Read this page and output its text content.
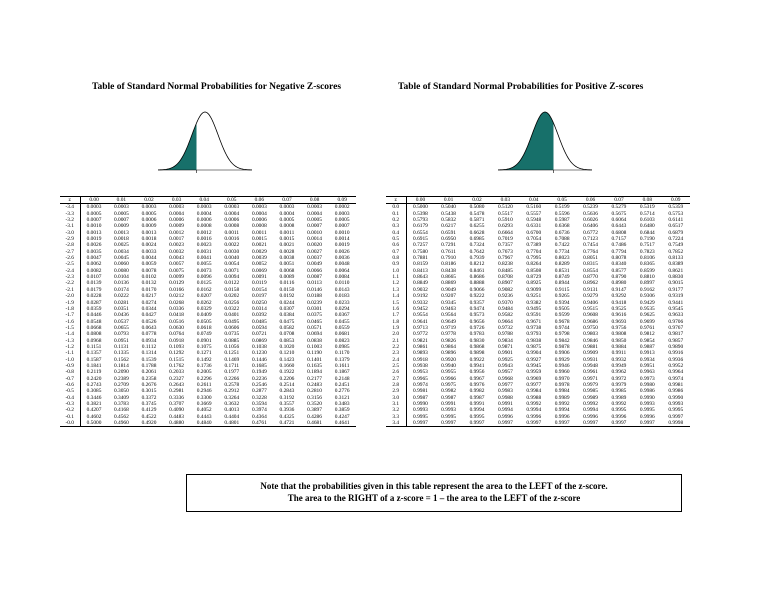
Table of Standard Normal Probabilities for Negative Z-scores	Table of Standard Normal Probabilities for Positive Z-scores
z	0.00	0.01	0.02	0.03	0.04	0.05	0.06	0.07	0.08	0.09
-3.4	0.0003	0.0003	0.0003	0.0003	0.0003	0.0003	0.0003	0.0003	0.0003	0.0002
-3.3	0.0005	0.0005	0.0005	0.0004	0.0004	0.0004	0.0004	0.0004	0.0004	0.0003
-3.2	0.0007	0.0007	0.0006	0.0006	0.0006	0.0006	0.0006	0.0005	0.0005	0.0005
-3.1	0.0010	0.0009	0.0009	0.0009	0.0008	0.0008	0.0008	0.0008	0.0007	0.0007
-3.0	0.0013	0.0013	0.0013	0.0012	0.0012	0.0011	0.0011	0.0011	0.0010	0.0010
-2.9	0.0019	0.0018	0.0018	0.0017	0.0016	0.0016	0.0015	0.0015	0.0014	0.0014
-2.8	0.0026	0.0025	0.0024	0.0023	0.0023	0.0022	0.0021	0.0021	0.0020	0.0019
-2.7	0.0035	0.0034	0.0033	0.0032	0.0031	0.0030	0.0029	0.0028	0.0027	0.0026
-2.6	0.0047	0.0045	0.0044	0.0043	0.0041	0.0040	0.0039	0.0038	0.0037	0.0036
-2.5	0.0062	0.0060	0.0059	0.0057	0.0055	0.0054	0.0052	0.0051	0.0049	0.0048
-2.4	0.0082	0.0080	0.0078	0.0075	0.0073	0.0071	0.0069	0.0068	0.0066	0.0064
-2.3	0.0107	0.0104	0.0102	0.0099	0.0096	0.0094	0.0091	0.0089	0.0087	0.0084
-2.2	0.0139	0.0136	0.0132	0.0129	0.0125	0.0122	0.0119	0.0116	0.0113	0.0110
-2.1	0.0179	0.0174	0.0170	0.0166	0.0162	0.0158	0.0154	0.0150	0.0146	0.0143
-2.0	0.0228	0.0222	0.0217	0.0212	0.0207	0.0202	0.0197	0.0192	0.0188	0.0183
-1.9	0.0287	0.0281	0.0274	0.0268	0.0262	0.0256	0.0250	0.0244	0.0239	0.0233
-1.8	0.0359	0.0351	0.0344	0.0336	0.0329	0.0322	0.0314	0.0307	0.0301	0.0294
-1.7	0.0446	0.0436	0.0427	0.0418	0.0409	0.0401	0.0392	0.0384	0.0375	0.0367
-1.6	0.0548	0.0537	0.0526	0.0516	0.0505	0.0495	0.0485	0.0475	0.0465	0.0455
-1.5	0.0668	0.0655	0.0643	0.0630	0.0618	0.0606	0.0594	0.0582	0.0571	0.0559
-1.4	0.0808	0.0793	0.0778	0.0764	0.0749	0.0735	0.0721	0.0708	0.0694	0.0681
-1.3	0.0968	0.0951	0.0934	0.0918	0.0901	0.0885	0.0869	0.0853	0.0838	0.0823
-1.2	0.1151	0.1131	0.1112	0.1093	0.1075	0.1056	0.1038	0.1020	0.1003	0.0985
-1.1	0.1357	0.1335	0.1314	0.1292	0.1271	0.1251	0.1230	0.1210	0.1190	0.1170
-1.0	0.1587	0.1562	0.1539	0.1515	0.1492	0.1469	0.1446	0.1423	0.1401	0.1379
-0.9	0.1841	0.1814	0.1788	0.1762	0.1736	0.1711	0.1685	0.1660	0.1635	0.1611
-0.8	0.2119	0.2090	0.2061	0.2033	0.2005	0.1977	0.1949	0.1922	0.1894	0.1867
-0.7	0.2420	0.2389	0.2358	0.2327	0.2296	0.2266	0.2236	0.2206	0.2177	0.2148
-0.6	0.2743	0.2709	0.2676	0.2643	0.2611	0.2578	0.2546	0.2514	0.2483	0.2451
-0.5	0.3085	0.3050	0.3015	0.2981	0.2946	0.2912	0.2877	0.2843	0.2810	0.2776
-0.4	0.3446	0.3409	0.3372	0.3336	0.3300	0.3264	0.3228	0.3192	0.3156	0.3121
-0.3	0.3821	0.3783	0.3745	0.3707	0.3669	0.3632	0.3594	0.3557	0.3520	0.3483
-0.2	0.4207	0.4168	0.4129	0.4090	0.4052	0.4013	0.3974	0.3936	0.3897	0.3859
-0.1	0.4602	0.4562	0.4522	0.4483	0.4443	0.4404	0.4364	0.4325	0.4286	0.4247
-0.0	0.5000	0.4960	0.4920	0.4880	0.4840	0.4801	0.4761	0.4721	0.4681	0.4641
z	0.00	0.01	0.02	0.03	0.04	0.05	0.06	0.07	0.08	0.09
0.0	0.5000	0.5040	0.5080	0.5120	0.5160	0.5199	0.5239	0.5279	0.5319	0.5359
0.1	0.5398	0.5438	0.5478	0.5517	0.5557	0.5596	0.5636	0.5675	0.5714	0.5753
0.2	0.5793	0.5832	0.5871	0.5910	0.5948	0.5987	0.6026	0.6064	0.6103	0.6141
0.3	0.6179	0.6217	0.6255	0.6293	0.6331	0.6368	0.6406	0.6443	0.6480	0.6517
0.4	0.6554	0.6591	0.6628	0.6664	0.6700	0.6736	0.6772	0.6808	0.6844	0.6879
0.5	0.6915	0.6950	0.6985	0.7019	0.7054	0.7088	0.7123	0.7157	0.7190	0.7224
0.6	0.7257	0.7291	0.7324	0.7357	0.7389	0.7422	0.7454	0.7486	0.7517	0.7549
0.7	0.7580	0.7611	0.7642	0.7673	0.7704	0.7734	0.7764	0.7794	0.7823	0.7852
0.8	0.7881	0.7910	0.7939	0.7967	0.7995	0.8023	0.8051	0.8078	0.8106	0.8133
0.9	0.8159	0.8186	0.8212	0.8238	0.8264	0.8289	0.8315	0.8340	0.8365	0.8389
1.0	0.8413	0.8438	0.8461	0.8485	0.8508	0.8531	0.8554	0.8577	0.8599	0.8621
1.1	0.8643	0.8665	0.8686	0.8708	0.8729	0.8749	0.8770	0.8790	0.8810	0.8830
1.2	0.8849	0.8869	0.8888	0.8907	0.8925	0.8944	0.8962	0.8980	0.8997	0.9015
1.3	0.9032	0.9049	0.9066	0.9082	0.9099	0.9115	0.9131	0.9147	0.9162	0.9177
1.4	0.9192	0.9207	0.9222	0.9236	0.9251	0.9265	0.9279	0.9292	0.9306	0.9319
1.5	0.9332	0.9345	0.9357	0.9370	0.9382	0.9394	0.9406	0.9418	0.9429	0.9441
1.6	0.9452	0.9463	0.9474	0.9484	0.9495	0.9505	0.9515	0.9525	0.9535	0.9545
1.7	0.9554	0.9564	0.9573	0.9582	0.9591	0.9599	0.9608	0.9616	0.9625	0.9633
1.8	0.9641	0.9649	0.9656	0.9664	0.9671	0.9678	0.9686	0.9693	0.9699	0.9706
1.9	0.9713	0.9719	0.9726	0.9732	0.9738	0.9744	0.9750	0.9756	0.9761	0.9767
2.0	0.9772	0.9778	0.9783	0.9788	0.9793	0.9798	0.9803	0.9808	0.9812	0.9817
2.1	0.9821	0.9826	0.9830	0.9834	0.9838	0.9842	0.9846	0.9850	0.9854	0.9857
2.2	0.9861	0.9864	0.9868	0.9871	0.9875	0.9878	0.9881	0.9884	0.9887	0.9890
2.3	0.9893	0.9896	0.9898	0.9901	0.9904	0.9906	0.9909	0.9911	0.9913	0.9916
2.4	0.9918	0.9920	0.9922	0.9925	0.9927	0.9929	0.9931	0.9932	0.9934	0.9936
2.5	0.9938	0.9940	0.9941	0.9943	0.9945	0.9946	0.9948	0.9949	0.9951	0.9952
2.6	0.9953	0.9955	0.9956	0.9957	0.9959	0.9960	0.9961	0.9962	0.9963	0.9964
2.7	0.9965	0.9966	0.9967	0.9968	0.9969	0.9970	0.9971	0.9972	0.9973	0.9974
2.8	0.9974	0.9975	0.9976	0.9977	0.9977	0.9978	0.9979	0.9979	0.9980	0.9981
2.9	0.9981	0.9982	0.9982	0.9983	0.9984	0.9984	0.9985	0.9985	0.9986	0.9986
3.0	0.9987	0.9987	0.9987	0.9988	0.9988	0.9989	0.9989	0.9989	0.9990	0.9990
3.1	0.9990	0.9991	0.9991	0.9991	0.9992	0.9992	0.9992	0.9992	0.9993	0.9993
3.2	0.9993	0.9993	0.9994	0.9994	0.9994	0.9994	0.9994	0.9995	0.9995	0.9995
3.3	0.9995	0.9995	0.9995	0.9996	0.9996	0.9996	0.9996	0.9996	0.9996	0.9997
3.4	0.9997	0.9997	0.9997	0.9997	0.9997	0.9997	0.9997	0.9997	0.9997	0.9998
Note that the probabilities given in this table represent the area to the LEFT of the z-score.
The area to the RIGHT of a z-score = 1 – the area to the LEFT of the z-score
